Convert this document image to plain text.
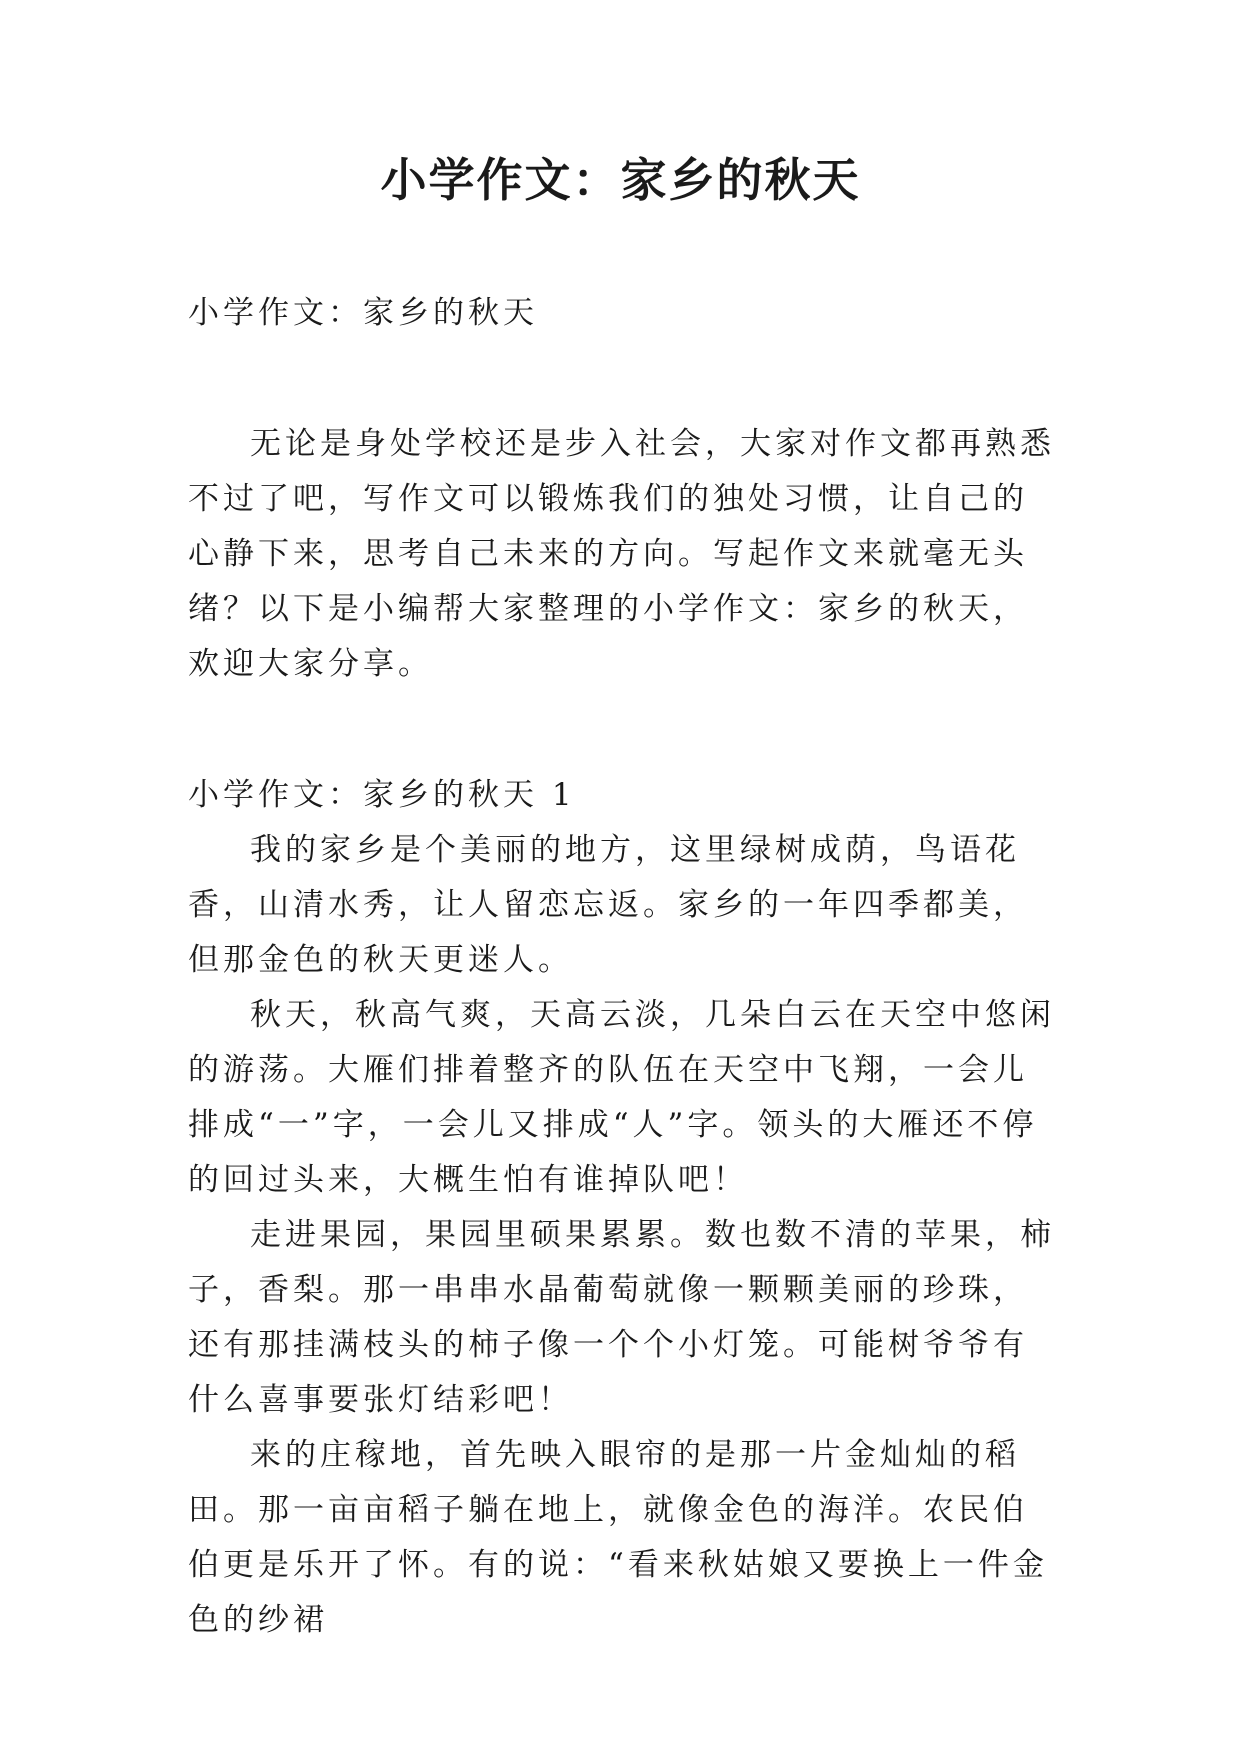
小学作文：家乡的秋天

小学作文：家乡的秋天

无论是身处学校还是步入社会，大家对作文都再熟悉不过了吧，写作文可以锻炼我们的独处习惯，让自己的心静下来，思考自己未来的方向。写起作文来就毫无头绪？以下是小编帮大家整理的小学作文：家乡的秋天，欢迎大家分享。

小学作文：家乡的秋天 1

我的家乡是个美丽的地方，这里绿树成荫，鸟语花香，山清水秀，让人留恋忘返。家乡的一年四季都美，但那金色的秋天更迷人。

秋天，秋高气爽，天高云淡，几朵白云在天空中悠闲的游荡。大雁们排着整齐的队伍在天空中飞翔，一会儿排成“一”字，一会儿又排成“人”字。领头的大雁还不停的回过头来，大概生怕有谁掉队吧！

走进果园，果园里硕果累累。数也数不清的苹果，柿子，香梨。那一串串水晶葡萄就像一颗颗美丽的珍珠，还有那挂满枝头的柿子像一个个小灯笼。可能树爷爷有什么喜事要张灯结彩吧！

来的庄稼地，首先映入眼帘的是那一片金灿灿的稻田。那一亩亩稻子躺在地上，就像金色的海洋。农民伯伯更是乐开了怀。有的说：“看来秋姑娘又要换上一件金色的纱裙
